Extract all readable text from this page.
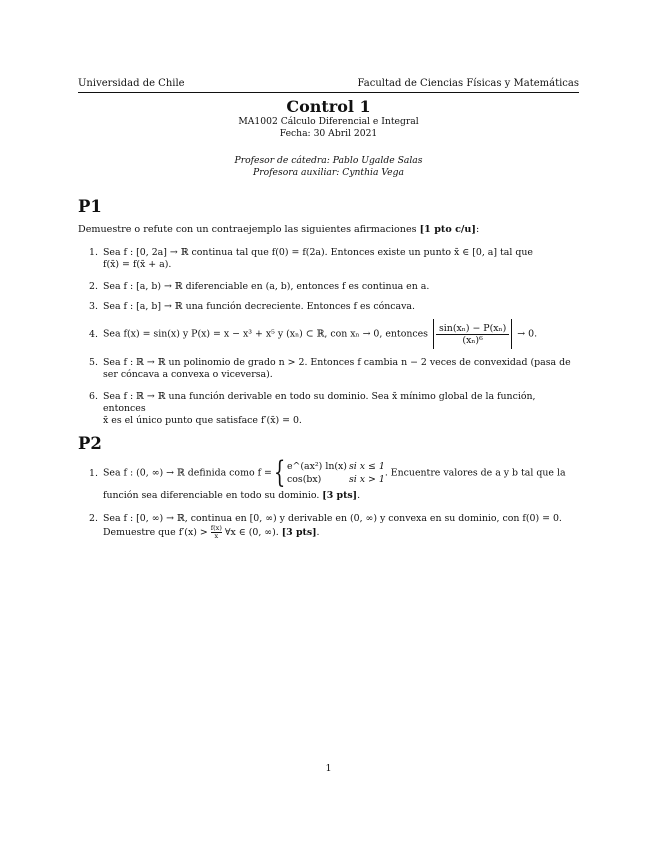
Universidad de Chile	Facultad de Ciencias Físicas y Matemáticas
Control 1
MA1002 Cálculo Diferencial e Integral
Fecha: 30 Abril 2021
Profesor de cátedra: Pablo Ugalde Salas
Profesora auxiliar: Cynthia Vega
P1
Demuestre o refute con un contraejemplo las siguientes afirmaciones [1 pto c/u]:
1. Sea f : [0, 2a] → ℝ continua tal que f(0) = f(2a). Entonces existe un punto x̄ ∈ [0, a] tal que
f(x̄) = f(x̄ + a).
2. Sea f : [a, b) → ℝ diferenciable en (a, b), entonces f es continua en a.
3. Sea f : [a, b] → ℝ una función decreciente. Entonces f es cóncava.
4. Sea f(x) = sin(x) y P(x) = x − x³ + x⁵ y (xₙ) ⊂ ℝ, con xₙ → 0, entonces $\frac{\text{sin(xₙ) − P(xₙ)}}{\text{(xₙ)⁶}} \to 0$.
5. Sea f : ℝ → ℝ un polinomio de grado n > 2. Entonces f cambia n − 2 veces de convexidad (pasa de
ser cóncava a convexa o viceversa).
6. Sea f : ℝ → ℝ una función derivable en todo su dominio. Sea x̄ mínimo global de la función, entonces
x̄ es el único punto que satisface f′(x̄) = 0.
P2
1. Sea f : (0, ∞) → ℝ definida como f ={ e^(ax²) ln(x) si x ≤ 1
cos(bx)	si x > 1. Encuentre valores de a y b tal que la
función sea diferenciable en todo su dominio. [3 pts].
2. Sea f : [0, ∞) → ℝ, continua en [0, ∞) y derivable en (0, ∞) y convexa en su dominio, con f(0) = 0.
Demuestre que $f'(x) > \frac{f(x)}{x}$ ∀x ∈ (0, ∞). [3 pts].
1
